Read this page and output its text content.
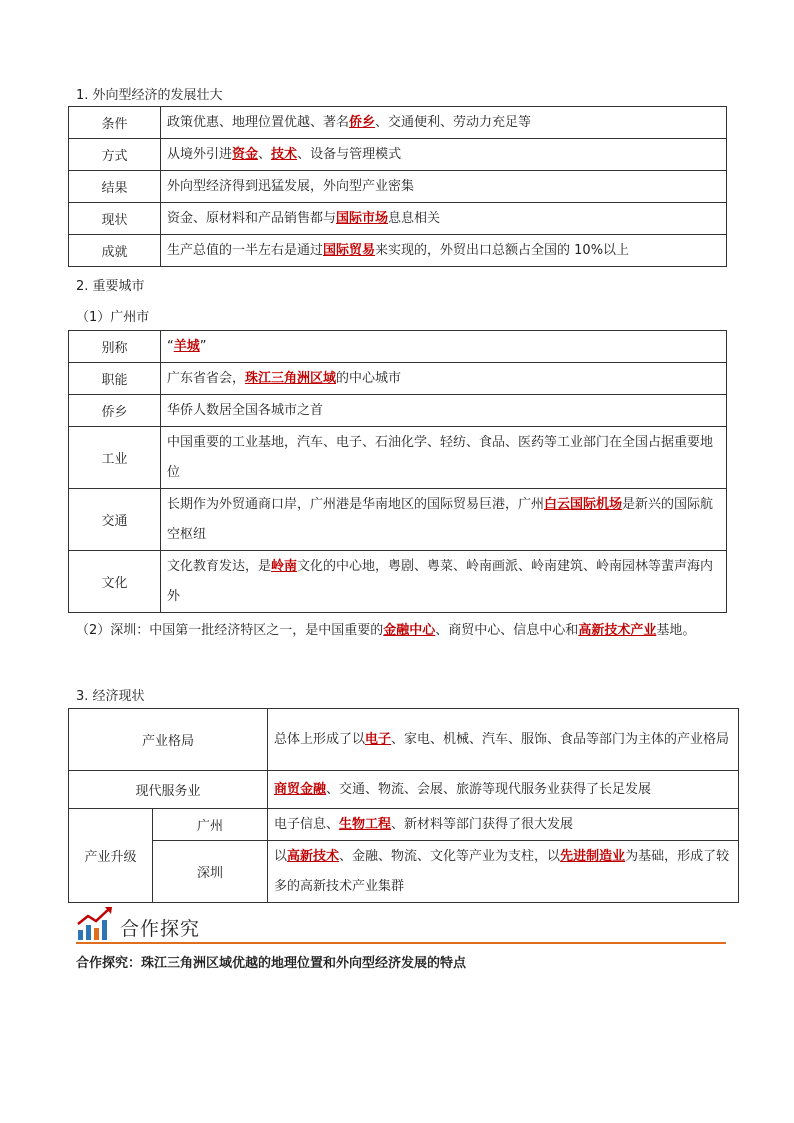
1. 外向型经济的发展壮大
条件	政策优惠、地理位置优越、著名侨乡、交通便利、劳动力充足等
方式	从境外引进资金、技术、设备与管理模式
结果	外向型经济得到迅猛发展，外向型产业密集
现状	资金、原材料和产品销售都与国际市场息息相关
成就	生产总值的一半左右是通过国际贸易来实现的，外贸出口总额占全国的 10%以上
2. 重要城市
（1）广州市
别称	“羊城”
职能	广东省省会，珠江三角洲区域的中心城市
侨乡	华侨人数居全国各城市之首
工业	中国重要的工业基地，汽车、电子、石油化学、轻纺、食品、医药等工业部门在全国占据重要地位
交通	长期作为外贸通商口岸，广州港是华南地区的国际贸易巨港，广州白云国际机场是新兴的国际航空枢纽
文化	文化教育发达，是岭南文化的中心地，粤剧、粤菜、岭南画派、岭南建筑、岭南园林等蜚声海内外
（2）深圳：中国第一批经济特区之一，是中国重要的金融中心、商贸中心、信息中心和高新技术产业基地。
3. 经济现状
产业格局		总体上形成了以电子、家电、机械、汽车、服饰、食品等部门为主体的产业格局
现代服务业		商贸金融、交通、物流、会展、旅游等现代服务业获得了长足发展
产业升级	广州	电子信息、生物工程、新材料等部门获得了很大发展
	深圳	以高新技术、金融、物流、文化等产业为支柱，以先进制造业为基础，形成了较多的高新技术产业集群
合作探究
合作探究：珠江三角洲区域优越的地理位置和外向型经济发展的特点
